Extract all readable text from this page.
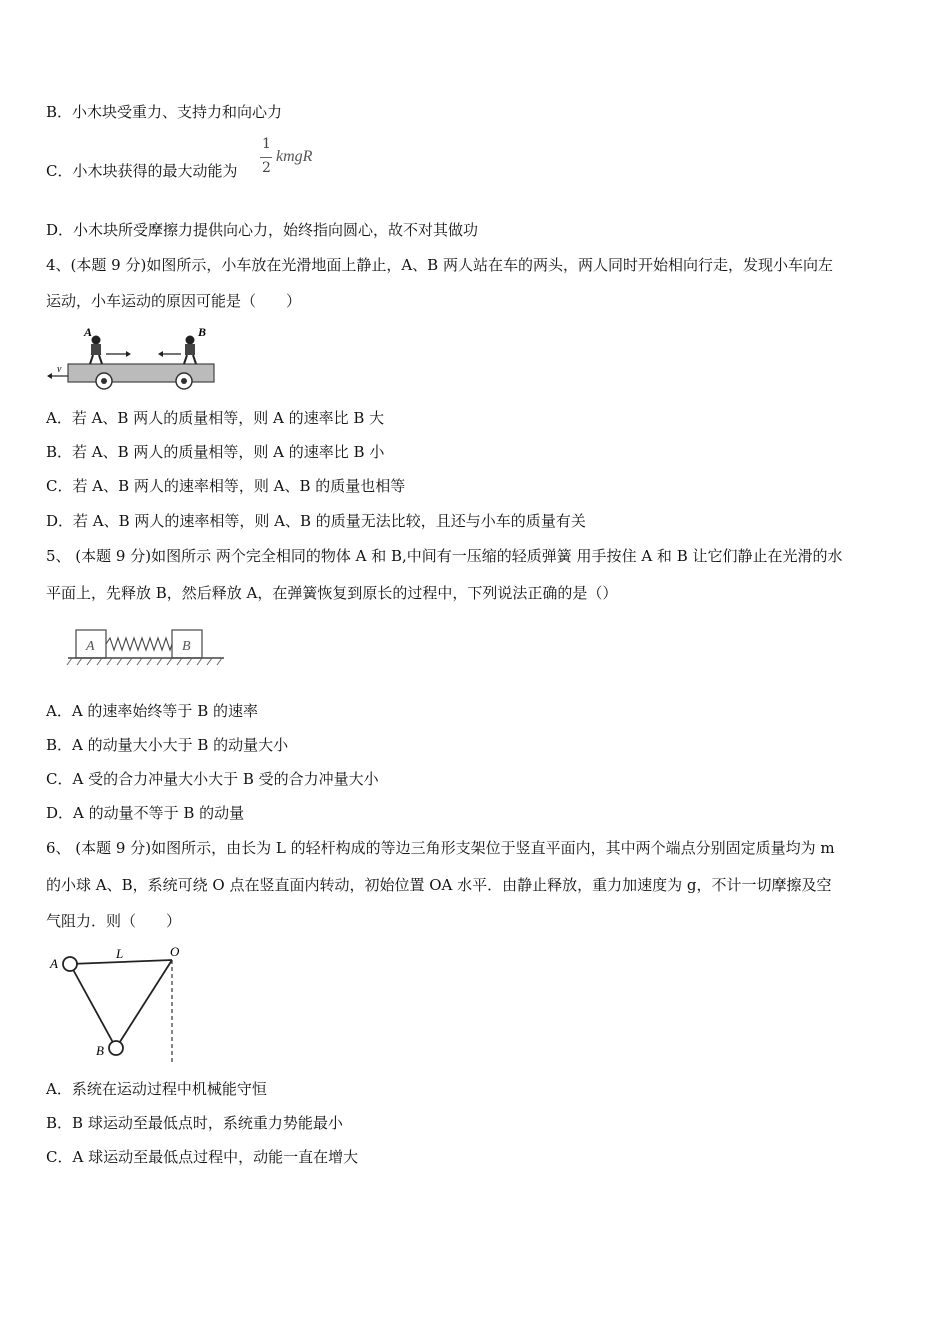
B．小木块受重力、支持力和向心力
C．小木块获得的最大动能为
1
2
kmgR
D．小木块所受摩擦力提供向心力，始终指向圆心，故不对其做功
4、(本题 9 分)如图所示，小车放在光滑地面上静止，A、B 两人站在车的两头，两人同时开始相向行走，发现小车向左
运动，小车运动的原因可能是（　　）
A	B
v
A．若 A、B 两人的质量相等，则 A 的速率比 B 大
B．若 A、B 两人的质量相等，则 A 的速率比 B 小
C．若 A、B 两人的速率相等，则 A、B 的质量也相等
D．若 A、B 两人的速率相等，则 A、B 的质量无法比较，且还与小车的质量有关
5、 (本题 9 分)如图所示 两个完全相同的物体 A 和 B,中间有一压缩的轻质弹簧 用手按住 A 和 B 让它们静止在光滑的水
平面上，先释放 B，然后释放 A，在弹簧恢复到原长的过程中，下列说法正确的是（）
A	B
A．A 的速率始终等于 B 的速率
B．A 的动量大小大于 B 的动量大小
C．A 受的合力冲量大小大于 B 受的合力冲量大小
D．A 的动量不等于 B 的动量
6、 (本题 9 分)如图所示，由长为 L 的轻杆构成的等边三角形支架位于竖直平面内，其中两个端点分别固定质量均为 m
的小球 A、B，系统可绕 O 点在竖直面内转动，初始位置 OA 水平．由静止释放，重力加速度为 g，不计一切摩擦及空
气阻力．则（　　）
A
L	O
B
A．系统在运动过程中机械能守恒
B．B 球运动至最低点时，系统重力势能最小
C．A 球运动至最低点过程中，动能一直在增大
